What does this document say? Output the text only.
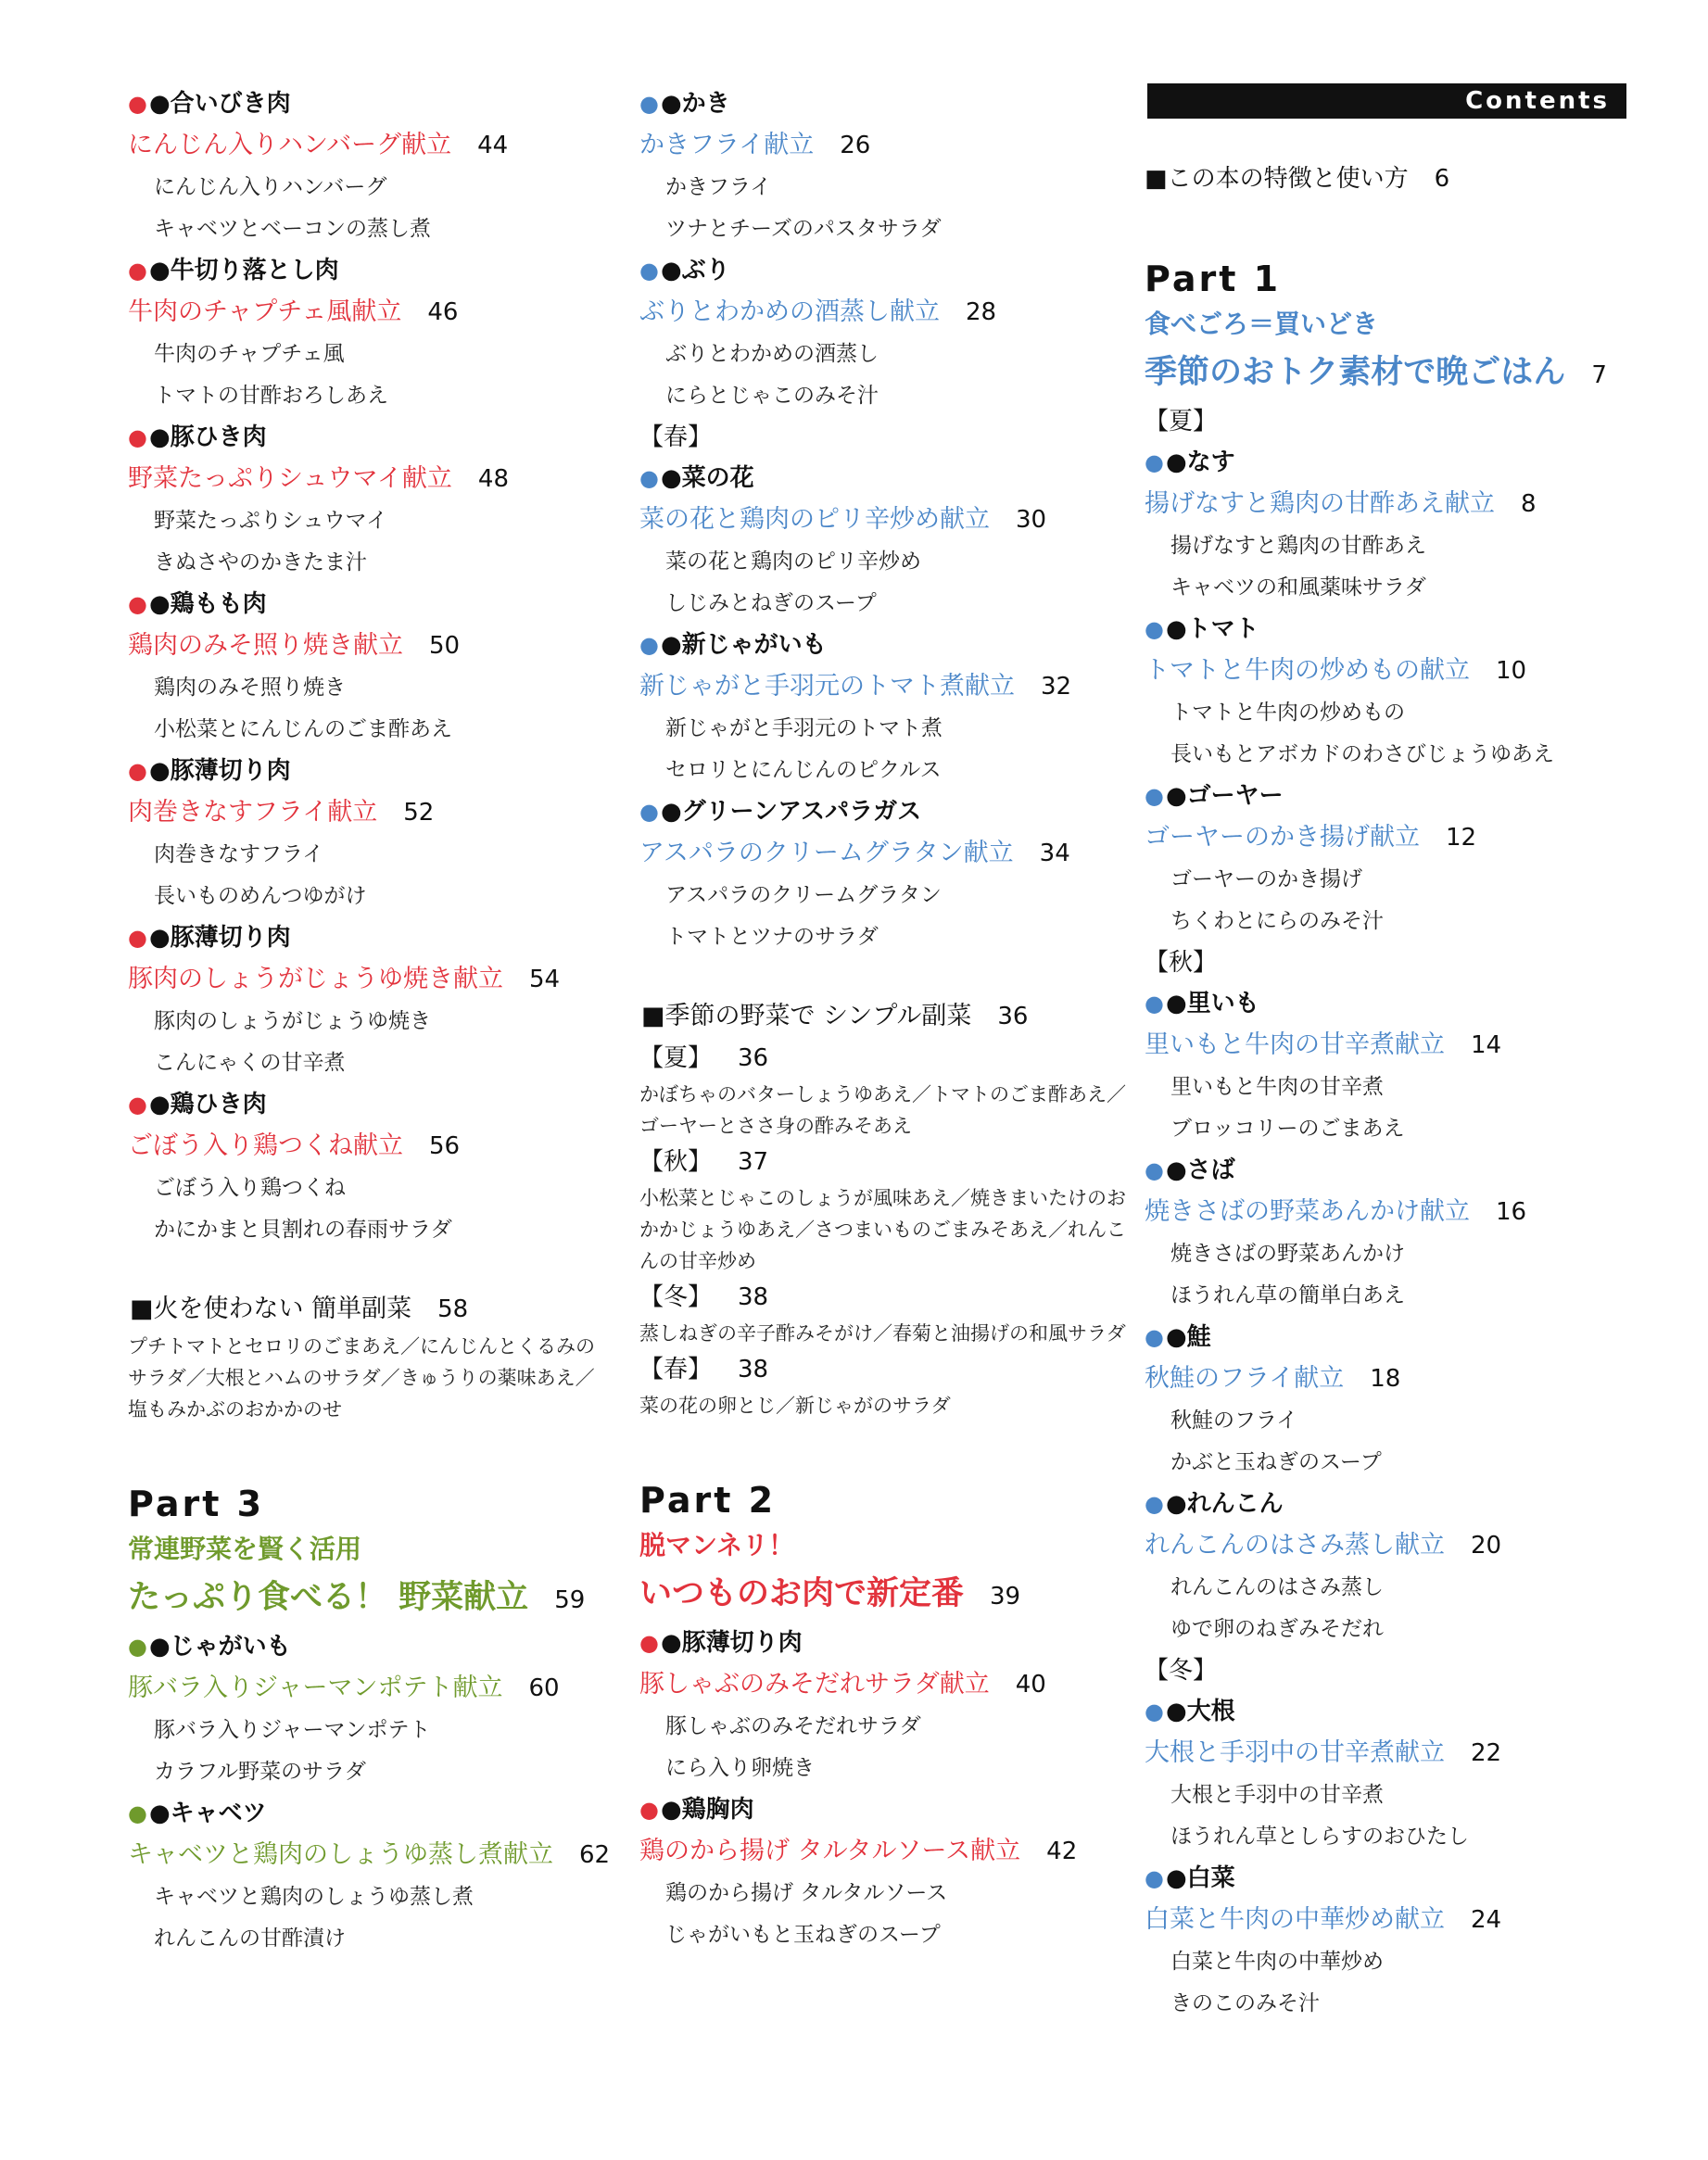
●●合いびき肉
にんじん入りハンバーグ献立 44
にんじん入りハンバーグ
キャベツとベーコンの蒸し煮
●●牛切り落とし肉
牛肉のチャプチェ風献立 46
牛肉のチャプチェ風
トマトの甘酢おろしあえ
●●豚ひき肉
野菜たっぷりシュウマイ献立 48
野菜たっぷりシュウマイ
きぬさやのかきたま汁
●●鶏もも肉
鶏肉のみそ照り焼き献立 50
鶏肉のみそ照り焼き
小松菜とにんじんのごま酢あえ
●●豚薄切り肉
肉巻きなすフライ献立 52
肉巻きなすフライ
長いものめんつゆがけ
●●豚薄切り肉
豚肉のしょうがじょうゆ焼き献立 54
豚肉のしょうがじょうゆ焼き
こんにゃくの甘辛煮
●●鶏ひき肉
ごぼう入り鶏つくね献立 56
ごぼう入り鶏つくね
かにかまと貝割れの春雨サラダ
■火を使わない 簡単副菜 58
プチトマトとセロリのごまあえ／にんじんとくるみのサラダ／大根とハムのサラダ／きゅうりの薬味あえ／塩もみかぶのおかかのせ
Part 3
常連野菜を賢く活用
たっぷり食べる！ 野菜献立 59
●●じゃがいも
豚バラ入りジャーマンポテト献立 60
豚バラ入りジャーマンポテト
カラフル野菜のサラダ
●●キャベツ
キャベツと鶏肉のしょうゆ蒸し煮献立 62
キャベツと鶏肉のしょうゆ蒸し煮
れんこんの甘酢漬け
●●かき
かきフライ献立 26
かきフライ
ツナとチーズのパスタサラダ
●●ぶり
ぶりとわかめの酒蒸し献立 28
ぶりとわかめの酒蒸し
にらとじゃこのみそ汁
【春】
●●菜の花
菜の花と鶏肉のピリ辛炒め献立 30
菜の花と鶏肉のピリ辛炒め
しじみとねぎのスープ
●●新じゃがいも
新じゃがと手羽元のトマト煮献立 32
新じゃがと手羽元のトマト煮
セロリとにんじんのピクルス
●●グリーンアスパラガス
アスパラのクリームグラタン献立 34
アスパラのクリームグラタン
トマトとツナのサラダ
■季節の野菜で シンプル副菜 36
【夏】 36
かぼちゃのバターしょうゆあえ／トマトのごま酢あえ／ゴーヤーとささ身の酢みそあえ
【秋】 37
小松菜とじゃこのしょうが風味あえ／焼きまいたけのおかかじょうゆあえ／さつまいものごまみそあえ／れんこんの甘辛炒め
【冬】 38
蒸しねぎの辛子酢みそがけ／春菊と油揚げの和風サラダ
【春】 38
菜の花の卵とじ／新じゃがのサラダ
Part 2
脱マンネリ！
いつものお肉で新定番 39
●●豚薄切り肉
豚しゃぶのみそだれサラダ献立 40
豚しゃぶのみそだれサラダ
にら入り卵焼き
●●鶏胸肉
鶏のから揚げ タルタルソース献立 42
鶏のから揚げ タルタルソース
じゃがいもと玉ねぎのスープ
Contents
■この本の特徴と使い方 6
Part 1
食べごろ＝買いどき
季節のおトク素材で晩ごはん 7
【夏】
●●なす
揚げなすと鶏肉の甘酢あえ献立 8
揚げなすと鶏肉の甘酢あえ
キャベツの和風薬味サラダ
●●トマト
トマトと牛肉の炒めもの献立 10
トマトと牛肉の炒めもの
長いもとアボカドのわさびじょうゆあえ
●●ゴーヤー
ゴーヤーのかき揚げ献立 12
ゴーヤーのかき揚げ
ちくわとにらのみそ汁
【秋】
●●里いも
里いもと牛肉の甘辛煮献立 14
里いもと牛肉の甘辛煮
ブロッコリーのごまあえ
●●さば
焼きさばの野菜あんかけ献立 16
焼きさばの野菜あんかけ
ほうれん草の簡単白あえ
●●鮭
秋鮭のフライ献立 18
秋鮭のフライ
かぶと玉ねぎのスープ
●●れんこん
れんこんのはさみ蒸し献立 20
れんこんのはさみ蒸し
ゆで卵のねぎみそだれ
【冬】
●●大根
大根と手羽中の甘辛煮献立 22
大根と手羽中の甘辛煮
ほうれん草としらすのおひたし
●●白菜
白菜と牛肉の中華炒め献立 24
白菜と牛肉の中華炒め
きのこのみそ汁
